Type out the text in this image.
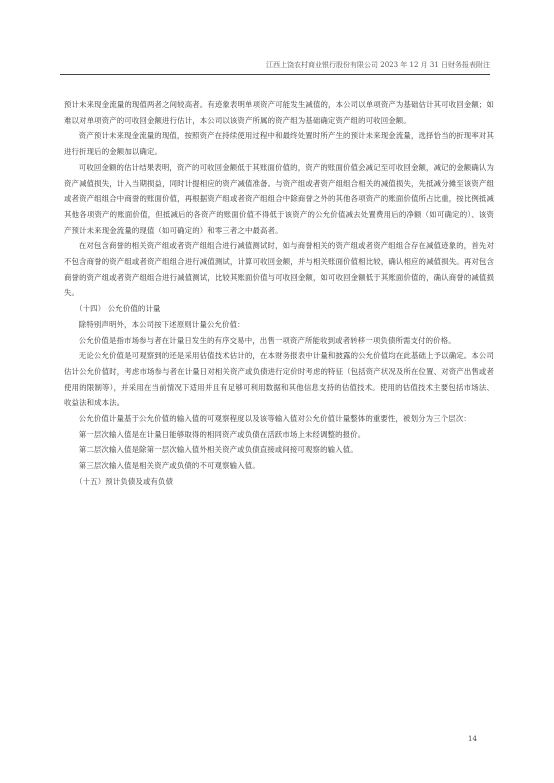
江西上饶农村商业银行股份有限公司 2023 年 12 月 31 日财务报表附注

预计未来现金流量的现值两者之间较高者。有迹象表明单项资产可能发生减值的，本公司以单项资产为基础估计其可收回金额；如难以对单项资产的可收回金额进行估计，本公司以该资产所属的资产组为基础确定资产组的可收回金额。

资产预计未来现金流量的现值，按照资产在持续使用过程中和最终处置时所产生的预计未来现金流量，选择恰当的折现率对其进行折现后的金额加以确定。

可收回金额的估计结果表明，资产的可收回金额低于其账面价值的，资产的账面价值会减记至可收回金额，减记的金额确认为资产减值损失，计入当期损益，同时计提相应的资产减值准备。与资产组或者资产组组合相关的减值损失，先抵减分摊至该资产组或者资产组组合中商誉的账面价值，再根据资产组或者资产组组合中除商誉之外的其他各项资产的账面价值所占比重，按比例抵减其他各项资产的账面价值，但抵减后的各资产的账面价值不得低于该资产的公允价值减去处置费用后的净额（如可确定的）、该资产预计未来现金流量的现值（如可确定的）和零三者之中最高者。

在对包含商誉的相关资产组或者资产组组合进行减值测试时，如与商誉相关的资产组或者资产组组合存在减值迹象的，首先对不包含商誉的资产组或者资产组组合进行减值测试，计算可收回金额，并与相关账面价值相比较，确认相应的减值损失。再对包含商誉的资产组或者资产组组合进行减值测试，比较其账面价值与可收回金额，如可收回金额低于其账面价值的，确认商誉的减值损失。

（十四） 公允价值的计量

除特别声明外，本公司按下述原则计量公允价值：

公允价值是指市场参与者在计量日发生的有序交易中，出售一项资产所能收到或者转移一项负债所需支付的价格。

无论公允价值是可观察到的还是采用估值技术估计的，在本财务报表中计量和披露的公允价值均在此基础上予以确定。本公司估计公允价值时，考虑市场参与者在计量日对相关资产或负债进行定价时考虑的特征（包括资产状况及所在位置、对资产出售或者使用的限制等），并采用在当前情况下适用并且有足够可利用数据和其他信息支持的估值技术。使用的估值技术主要包括市场法、收益法和成本法。

公允价值计量基于公允价值的输入值的可观察程度以及该等输入值对公允价值计量整体的重要性，被划分为三个层次：

第一层次输入值是在计量日能够取得的相同资产或负债在活跃市场上未经调整的报价。

第二层次输入值是除第一层次输入值外相关资产或负债直接或间接可观察的输入值。

第三层次输入值是相关资产或负债的不可观察输入值。

（十五）预计负债及或有负债

14
